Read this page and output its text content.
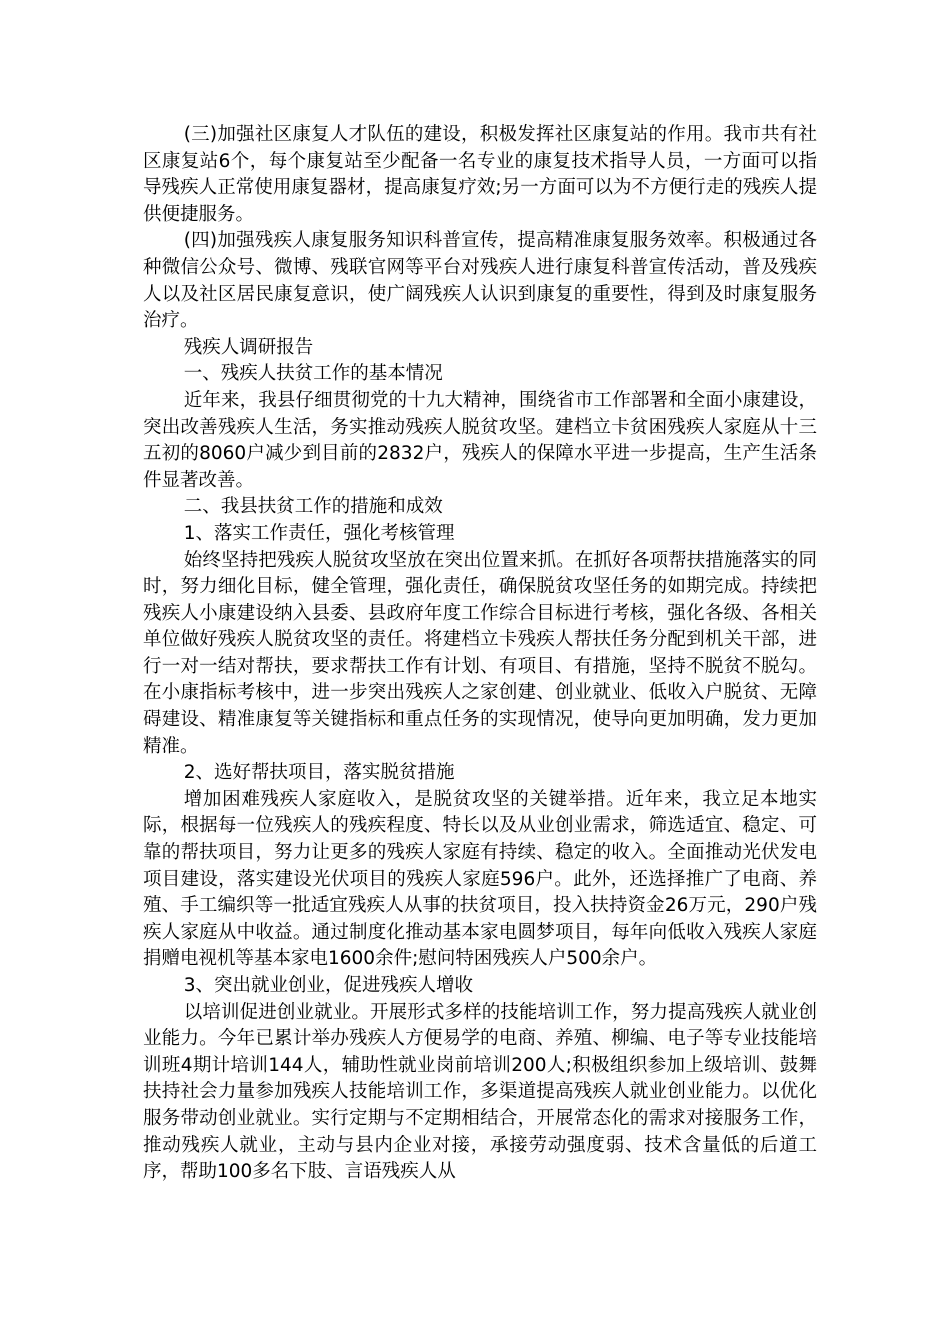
(三)加强社区康复人才队伍的建设，积极发挥社区康复站的作用。我市共有社区康复站6个，每个康复站至少配备一名专业的康复技术指导人员，一方面可以指导残疾人正常使用康复器材，提高康复疗效;另一方面可以为不方便行走的残疾人提供便捷服务。

(四)加强残疾人康复服务知识科普宣传，提高精准康复服务效率。积极通过各种微信公众号、微博、残联官网等平台对残疾人进行康复科普宣传活动，普及残疾人以及社区居民康复意识，使广阔残疾人认识到康复的重要性，得到及时康复服务治疗。

残疾人调研报告

一、残疾人扶贫工作的基本情况

近年来，我县仔细贯彻党的十九大精神，围绕省市工作部署和全面小康建设，突出改善残疾人生活，务实推动残疾人脱贫攻坚。建档立卡贫困残疾人家庭从十三五初的8060户减少到目前的2832户，残疾人的保障水平进一步提高，生产生活条件显著改善。

二、我县扶贫工作的措施和成效

1、落实工作责任，强化考核管理

始终坚持把残疾人脱贫攻坚放在突出位置来抓。在抓好各项帮扶措施落实的同时，努力细化目标，健全管理，强化责任，确保脱贫攻坚任务的如期完成。持续把残疾人小康建设纳入县委、县政府年度工作综合目标进行考核，强化各级、各相关单位做好残疾人脱贫攻坚的责任。将建档立卡残疾人帮扶任务分配到机关干部，进行一对一结对帮扶，要求帮扶工作有计划、有项目、有措施，坚持不脱贫不脱勾。在小康指标考核中，进一步突出残疾人之家创建、创业就业、低收入户脱贫、无障碍建设、精准康复等关键指标和重点任务的实现情况，使导向更加明确，发力更加精准。

2、选好帮扶项目，落实脱贫措施

增加困难残疾人家庭收入，是脱贫攻坚的关键举措。近年来，我立足本地实际，根据每一位残疾人的残疾程度、特长以及从业创业需求，筛选适宜、稳定、可靠的帮扶项目，努力让更多的残疾人家庭有持续、稳定的收入。全面推动光伏发电项目建设，落实建设光伏项目的残疾人家庭596户。此外，还选择推广了电商、养殖、手工编织等一批适宜残疾人从事的扶贫项目，投入扶持资金26万元，290户残疾人家庭从中收益。通过制度化推动基本家电圆梦项目，每年向低收入残疾人家庭捐赠电视机等基本家电1600余件;慰问特困残疾人户500余户。

3、突出就业创业，促进残疾人增收

以培训促进创业就业。开展形式多样的技能培训工作，努力提高残疾人就业创业能力。今年已累计举办残疾人方便易学的电商、养殖、柳编、电子等专业技能培训班4期计培训144人，辅助性就业岗前培训200人;积极组织参加上级培训、鼓舞扶持社会力量参加残疾人技能培训工作，多渠道提高残疾人就业创业能力。以优化服务带动创业就业。实行定期与不定期相结合，开展常态化的需求对接服务工作，推动残疾人就业，主动与县内企业对接，承接劳动强度弱、技术含量低的后道工序，帮助100多名下肢、言语残疾人从
